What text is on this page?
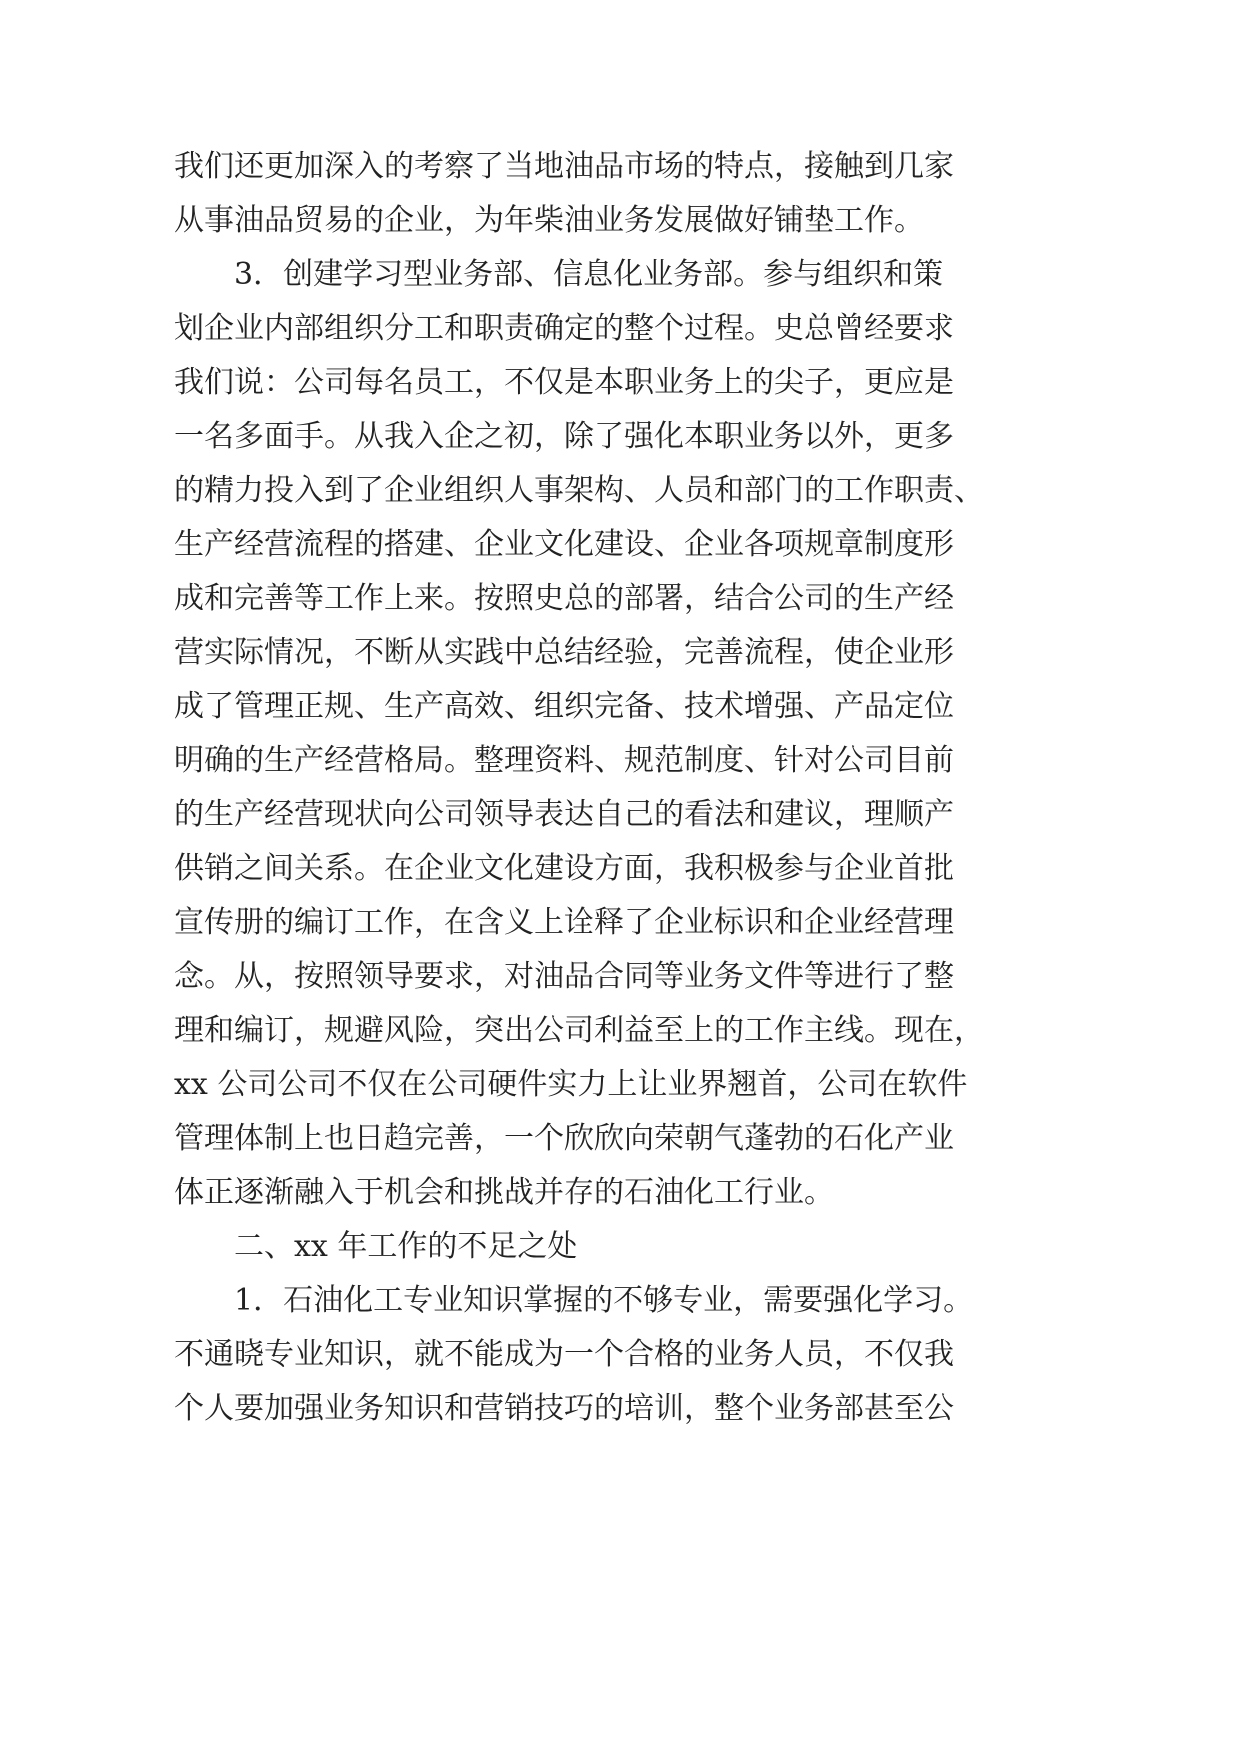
我们还更加深入的考察了当地油品市场的特点，接触到几家

从事油品贸易的企业，为年柴油业务发展做好铺垫工作。

3．创建学习型业务部、信息化业务部。参与组织和策

划企业内部组织分工和职责确定的整个过程。史总曾经要求

我们说：公司每名员工，不仅是本职业务上的尖子，更应是

一名多面手。从我入企之初，除了强化本职业务以外，更多

的精力投入到了企业组织人事架构、人员和部门的工作职责、

生产经营流程的搭建、企业文化建设、企业各项规章制度形

成和完善等工作上来。按照史总的部署，结合公司的生产经

营实际情况，不断从实践中总结经验，完善流程，使企业形

成了管理正规、生产高效、组织完备、技术增强、产品定位

明确的生产经营格局。整理资料、规范制度、针对公司目前

的生产经营现状向公司领导表达自己的看法和建议，理顺产

供销之间关系。在企业文化建设方面，我积极参与企业首批

宣传册的编订工作，在含义上诠释了企业标识和企业经营理

念。从，按照领导要求，对油品合同等业务文件等进行了整

理和编订，规避风险，突出公司利益至上的工作主线。现在，

xx 公司公司不仅在公司硬件实力上让业界翘首，公司在软件

管理体制上也日趋完善，一个欣欣向荣朝气蓬勃的石化产业

体正逐渐融入于机会和挑战并存的石油化工行业。

二、xx 年工作的不足之处

1．石油化工专业知识掌握的不够专业，需要强化学习。

不通晓专业知识，就不能成为一个合格的业务人员，不仅我

个人要加强业务知识和营销技巧的培训，整个业务部甚至公
